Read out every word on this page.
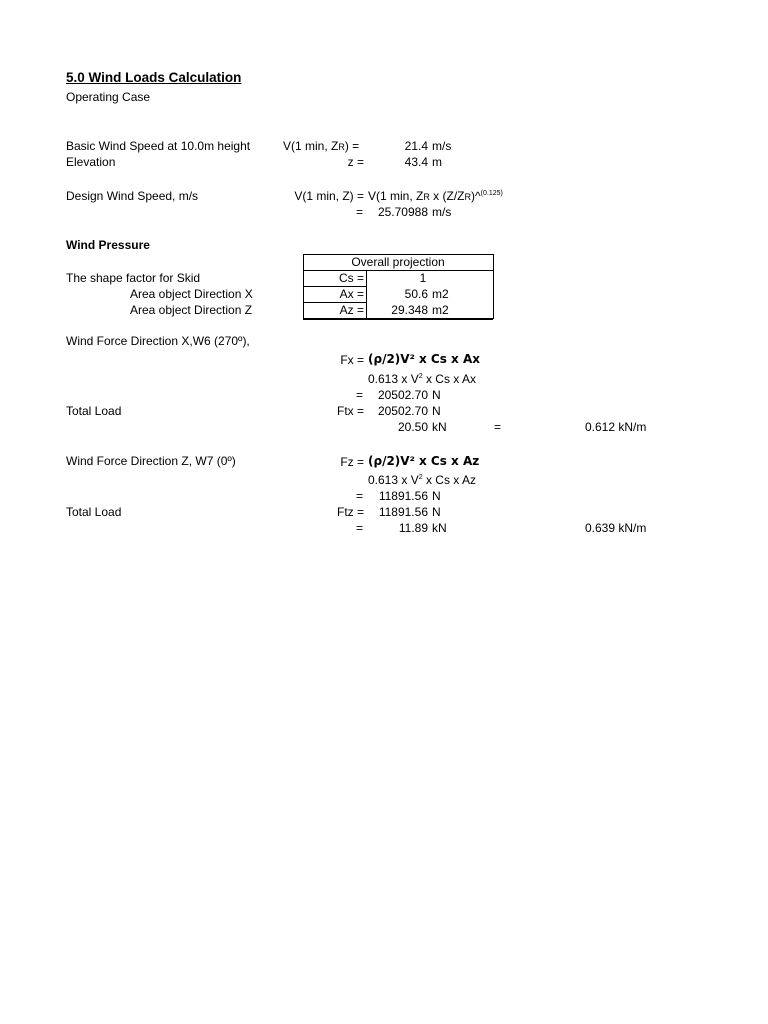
5.0 Wind Loads Calculation
Operating Case
Basic Wind Speed at 10.0m height	V(1 min, ZR) =	21.4 m/s
Elevation	z =	43.4 m
Design Wind Speed, m/s	V(1 min, Z) = V(1 min, ZR x (Z/ZR)^$^{(0.125)}$
=	25.70988 m/s
Wind Pressure
Overall projection
The shape factor for Skid	Cs =	1
Area object Direction X	Ax =	50.6 m2
Area object Direction Z	Az =	29.348 m2
Wind Force Direction X,W6 (270º),
Fx = (ρ/2)V² x Cs x Ax
0.613 x $V^2$ x Cs x Ax
=	20502.70 N
Total Load	Ftx =	20502.70 N
20.50 kN	=	0.612 kN/m
Wind Force Direction Z, W7 (0º)	Fz = (ρ/2)V² x Cs x Az
0.613 x $V^2$ x Cs x Az
=	11891.56 N
Total Load	Ftz =	11891.56 N
=	11.89 kN	0.639 kN/m
